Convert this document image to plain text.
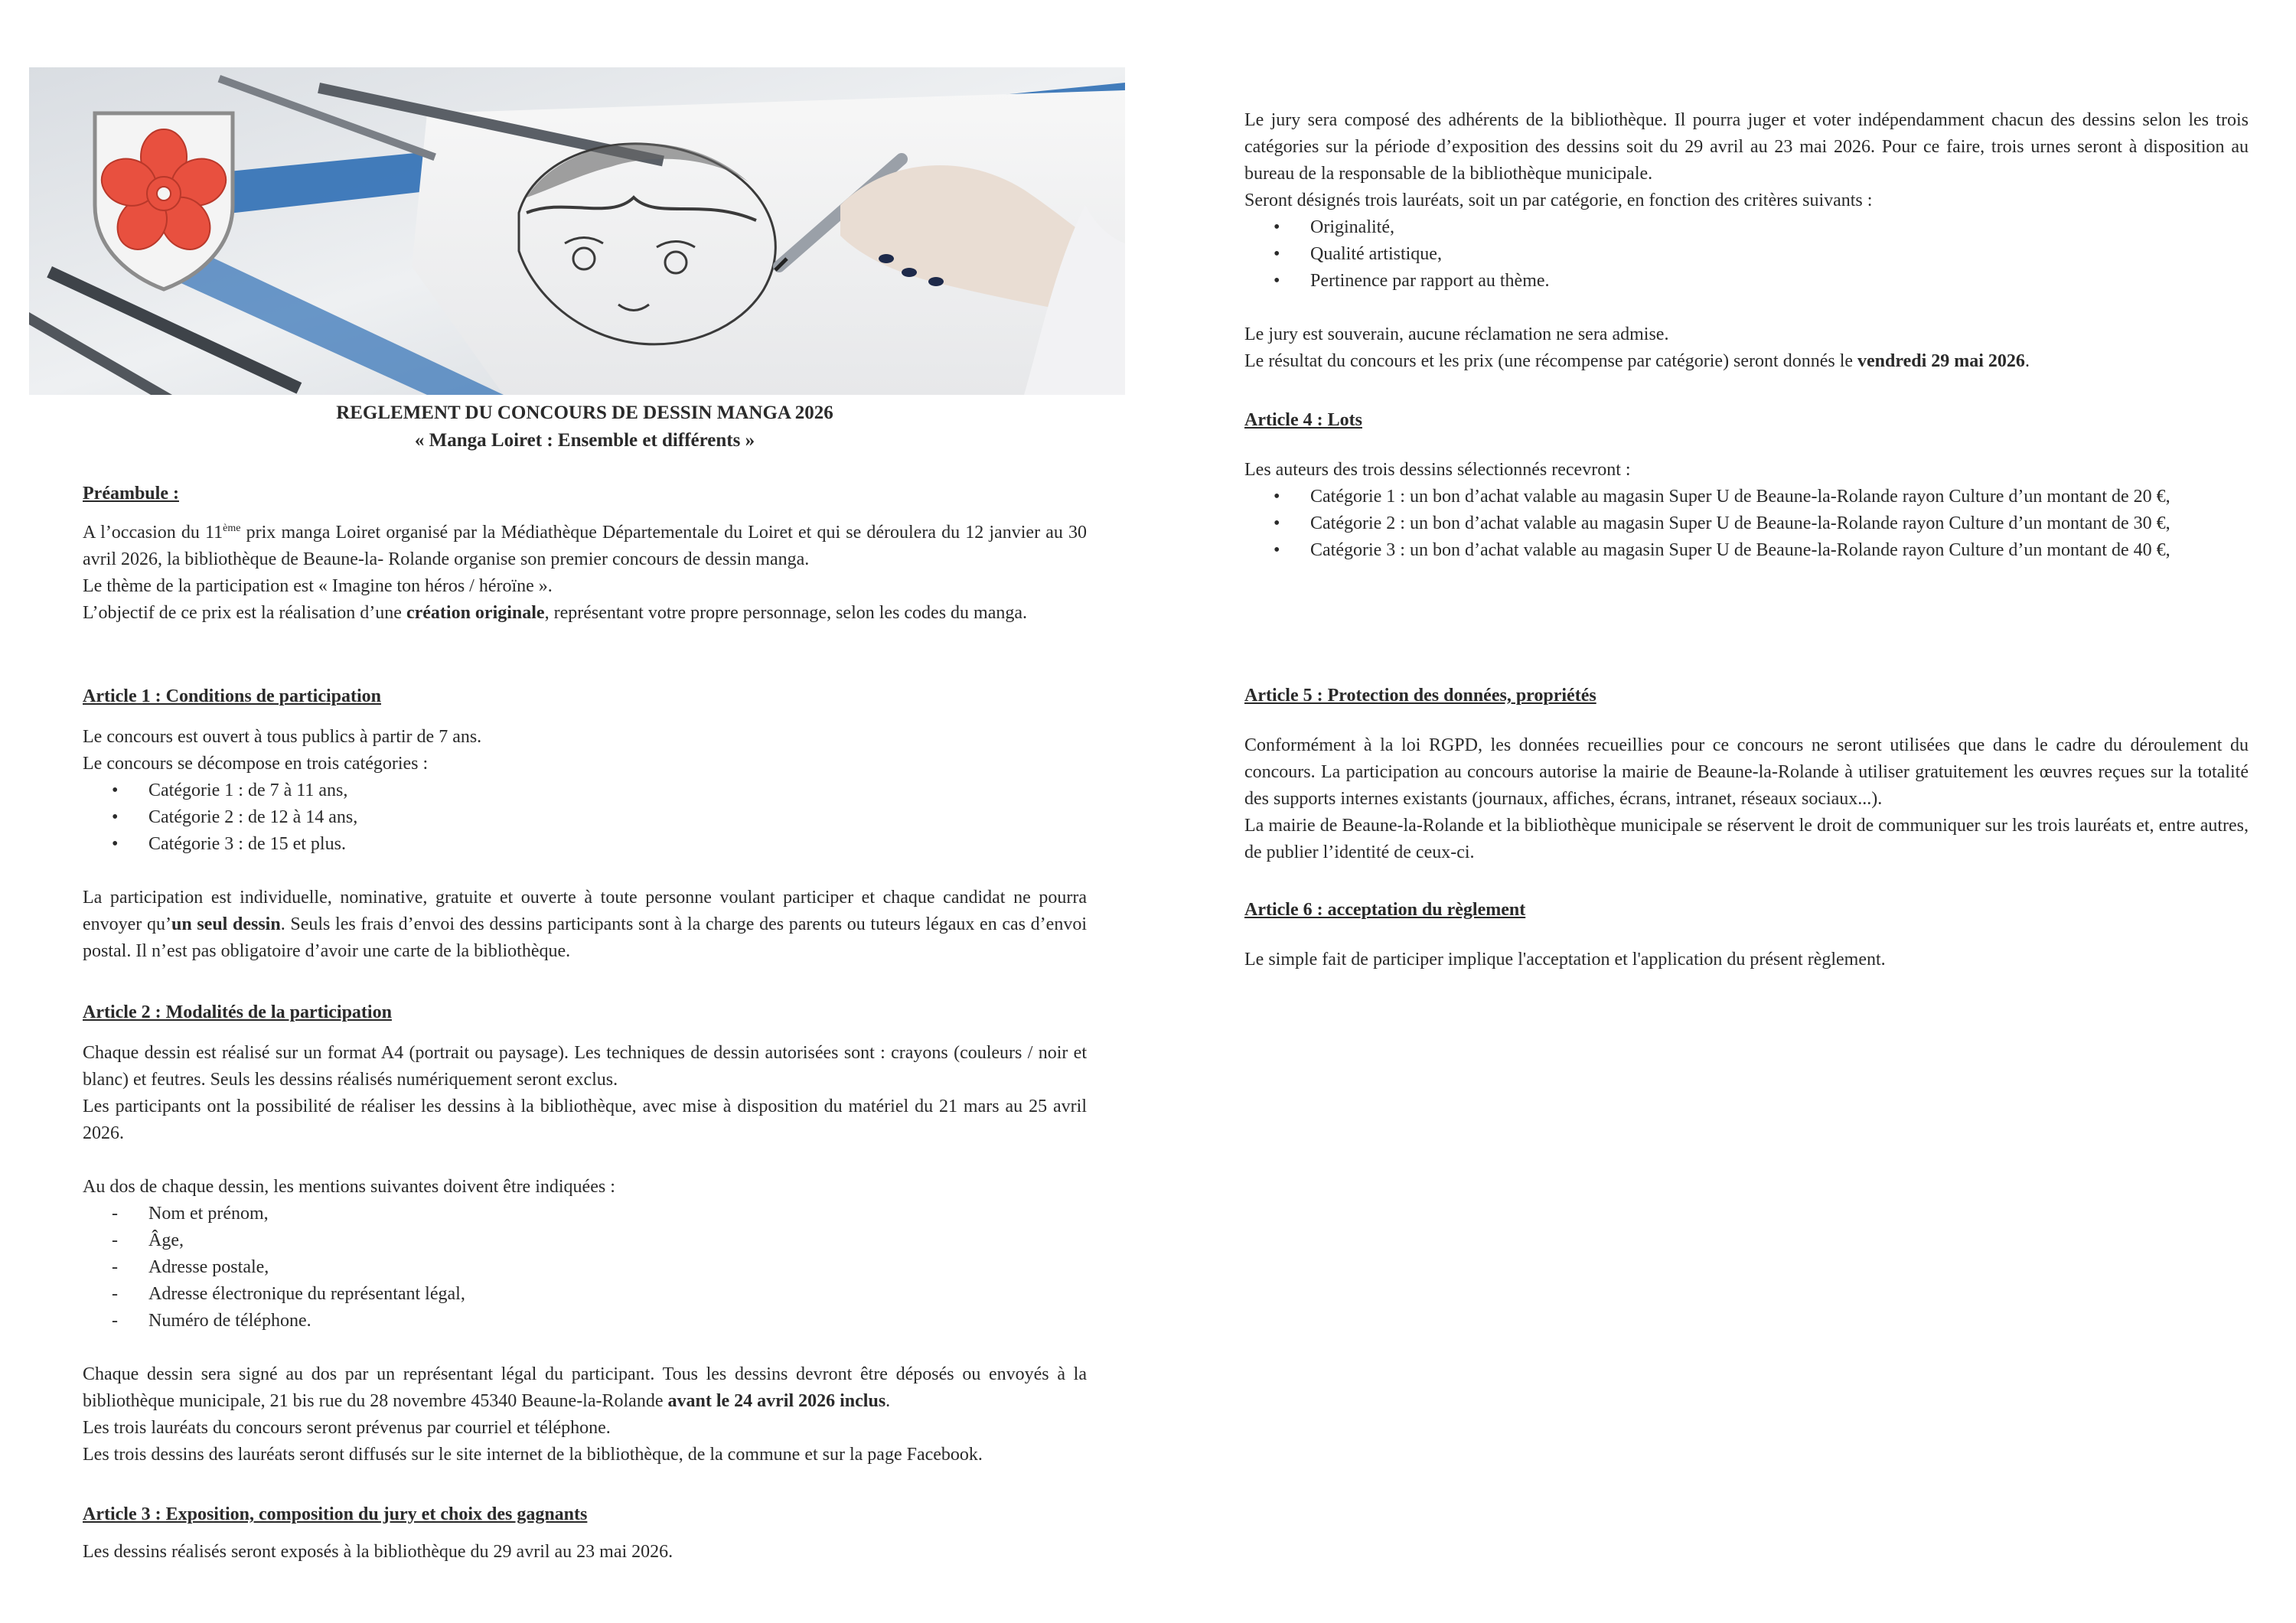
REGLEMENT DU CONCOURS DE DESSIN MANGA 2026
« Manga Loiret : Ensemble et différents »

Préambule :

A l’occasion du 11ème prix manga Loiret organisé par la Médiathèque Départementale du Loiret et qui se déroulera du 12 janvier au 30 avril 2026, la bibliothèque de Beaune-la- Rolande organise son premier concours de dessin manga.

Le thème de la participation est « Imagine ton héros / héroïne ».

L’objectif de ce prix est la réalisation d’une création originale, représentant votre propre personnage, selon les codes du manga.

Article 1 : Conditions de participation

Le concours est ouvert à tous publics à partir de 7 ans.

Le concours se décompose en trois catégories :

• Catégorie 1 : de 7 à 11 ans,
• Catégorie 2 : de 12 à 14 ans,
• Catégorie 3 : de 15 et plus.

La participation est individuelle, nominative, gratuite et ouverte à toute personne voulant participer et chaque candidat ne pourra envoyer qu’un seul dessin. Seuls les frais d’envoi des dessins participants sont à la charge des parents ou tuteurs légaux en cas d’envoi postal. Il n’est pas obligatoire d’avoir une carte de la bibliothèque.

Article 2 : Modalités de la participation

Chaque dessin est réalisé sur un format A4 (portrait ou paysage). Les techniques de dessin autorisées sont : crayons (couleurs / noir et blanc) et feutres. Seuls les dessins réalisés numériquement seront exclus.

Les participants ont la possibilité de réaliser les dessins à la bibliothèque, avec mise à disposition du matériel du 21 mars au 25 avril 2026.

Au dos de chaque dessin, les mentions suivantes doivent être indiquées :

- Nom et prénom,
- Âge,
- Adresse postale,
- Adresse électronique du représentant légal,
- Numéro de téléphone.

Chaque dessin sera signé au dos par un représentant légal du participant. Tous les dessins devront être déposés ou envoyés à la bibliothèque municipale, 21 bis rue du 28 novembre 45340 Beaune-la-Rolande avant le 24 avril 2026 inclus.

Les trois lauréats du concours seront prévenus par courriel et téléphone.

Les trois dessins des lauréats seront diffusés sur le site internet de la bibliothèque, de la commune et sur la page Facebook.

Article 3 : Exposition, composition du jury et choix des gagnants

Les dessins réalisés seront exposés à la bibliothèque du 29 avril au 23 mai 2026.

Le jury sera composé des adhérents de la bibliothèque. Il pourra juger et voter indépendamment chacun des dessins selon les trois catégories sur la période d’exposition des dessins soit du 29 avril au 23 mai 2026. Pour ce faire, trois urnes seront à disposition au bureau de la responsable de la bibliothèque municipale.

Seront désignés trois lauréats, soit un par catégorie, en fonction des critères suivants :

• Originalité,
• Qualité artistique,
• Pertinence par rapport au thème.

Le jury est souverain, aucune réclamation ne sera admise.

Le résultat du concours et les prix (une récompense par catégorie) seront donnés le vendredi 29 mai 2026.

Article 4 : Lots

Les auteurs des trois dessins sélectionnés recevront :

• Catégorie 1 : un bon d’achat valable au magasin Super U de Beaune-la-Rolande rayon Culture d’un montant de 20 €,
• Catégorie 2 : un bon d’achat valable au magasin Super U de Beaune-la-Rolande rayon Culture d’un montant de 30 €,
• Catégorie 3 : un bon d’achat valable au magasin Super U de Beaune-la-Rolande rayon Culture d’un montant de 40 €,

Article 5 : Protection des données, propriétés

Conformément à la loi RGPD, les données recueillies pour ce concours ne seront utilisées que dans le cadre du déroulement du concours. La participation au concours autorise la mairie de Beaune-la-Rolande à utiliser gratuitement les œuvres reçues sur la totalité des supports internes existants (journaux, affiches, écrans, intranet, réseaux sociaux...).

La mairie de Beaune-la-Rolande et la bibliothèque municipale se réservent le droit de communiquer sur les trois lauréats et, entre autres, de publier l’identité de ceux-ci.

Article 6 : acceptation du règlement

Le simple fait de participer implique l'acceptation et l'application du présent règlement.
